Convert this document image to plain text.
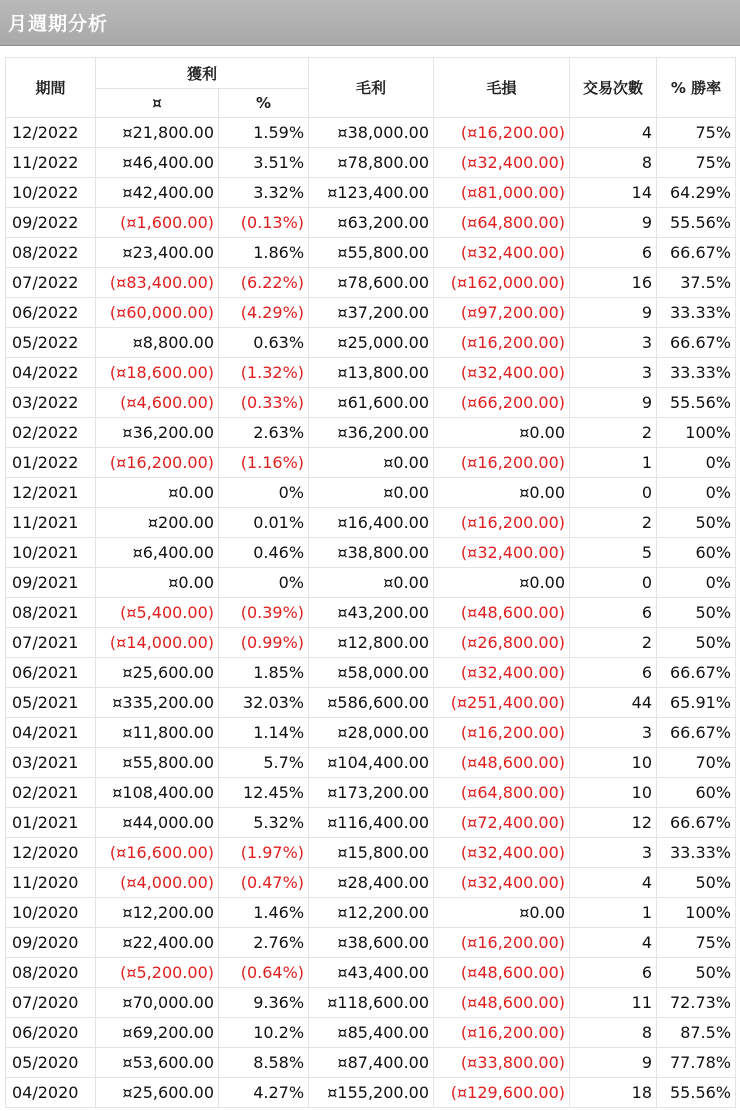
月週期分析
期間	獲利		毛利	毛損	交易次數	% 勝率
	¤	%				
12/2022	¤21,800.00	1.59%	¤38,000.00	(¤16,200.00)	4	75%
11/2022	¤46,400.00	3.51%	¤78,800.00	(¤32,400.00)	8	75%
10/2022	¤42,400.00	3.32%	¤123,400.00	(¤81,000.00)	14	64.29%
09/2022	(¤1,600.00)	(0.13%)	¤63,200.00	(¤64,800.00)	9	55.56%
08/2022	¤23,400.00	1.86%	¤55,800.00	(¤32,400.00)	6	66.67%
07/2022	(¤83,400.00)	(6.22%)	¤78,600.00	(¤162,000.00)	16	37.5%
06/2022	(¤60,000.00)	(4.29%)	¤37,200.00	(¤97,200.00)	9	33.33%
05/2022	¤8,800.00	0.63%	¤25,000.00	(¤16,200.00)	3	66.67%
04/2022	(¤18,600.00)	(1.32%)	¤13,800.00	(¤32,400.00)	3	33.33%
03/2022	(¤4,600.00)	(0.33%)	¤61,600.00	(¤66,200.00)	9	55.56%
02/2022	¤36,200.00	2.63%	¤36,200.00	¤0.00	2	100%
01/2022	(¤16,200.00)	(1.16%)	¤0.00	(¤16,200.00)	1	0%
12/2021	¤0.00	0%	¤0.00	¤0.00	0	0%
11/2021	¤200.00	0.01%	¤16,400.00	(¤16,200.00)	2	50%
10/2021	¤6,400.00	0.46%	¤38,800.00	(¤32,400.00)	5	60%
09/2021	¤0.00	0%	¤0.00	¤0.00	0	0%
08/2021	(¤5,400.00)	(0.39%)	¤43,200.00	(¤48,600.00)	6	50%
07/2021	(¤14,000.00)	(0.99%)	¤12,800.00	(¤26,800.00)	2	50%
06/2021	¤25,600.00	1.85%	¤58,000.00	(¤32,400.00)	6	66.67%
05/2021	¤335,200.00	32.03%	¤586,600.00	(¤251,400.00)	44	65.91%
04/2021	¤11,800.00	1.14%	¤28,000.00	(¤16,200.00)	3	66.67%
03/2021	¤55,800.00	5.7%	¤104,400.00	(¤48,600.00)	10	70%
02/2021	¤108,400.00	12.45%	¤173,200.00	(¤64,800.00)	10	60%
01/2021	¤44,000.00	5.32%	¤116,400.00	(¤72,400.00)	12	66.67%
12/2020	(¤16,600.00)	(1.97%)	¤15,800.00	(¤32,400.00)	3	33.33%
11/2020	(¤4,000.00)	(0.47%)	¤28,400.00	(¤32,400.00)	4	50%
10/2020	¤12,200.00	1.46%	¤12,200.00	¤0.00	1	100%
09/2020	¤22,400.00	2.76%	¤38,600.00	(¤16,200.00)	4	75%
08/2020	(¤5,200.00)	(0.64%)	¤43,400.00	(¤48,600.00)	6	50%
07/2020	¤70,000.00	9.36%	¤118,600.00	(¤48,600.00)	11	72.73%
06/2020	¤69,200.00	10.2%	¤85,400.00	(¤16,200.00)	8	87.5%
05/2020	¤53,600.00	8.58%	¤87,400.00	(¤33,800.00)	9	77.78%
04/2020	¤25,600.00	4.27%	¤155,200.00	(¤129,600.00)	18	55.56%
